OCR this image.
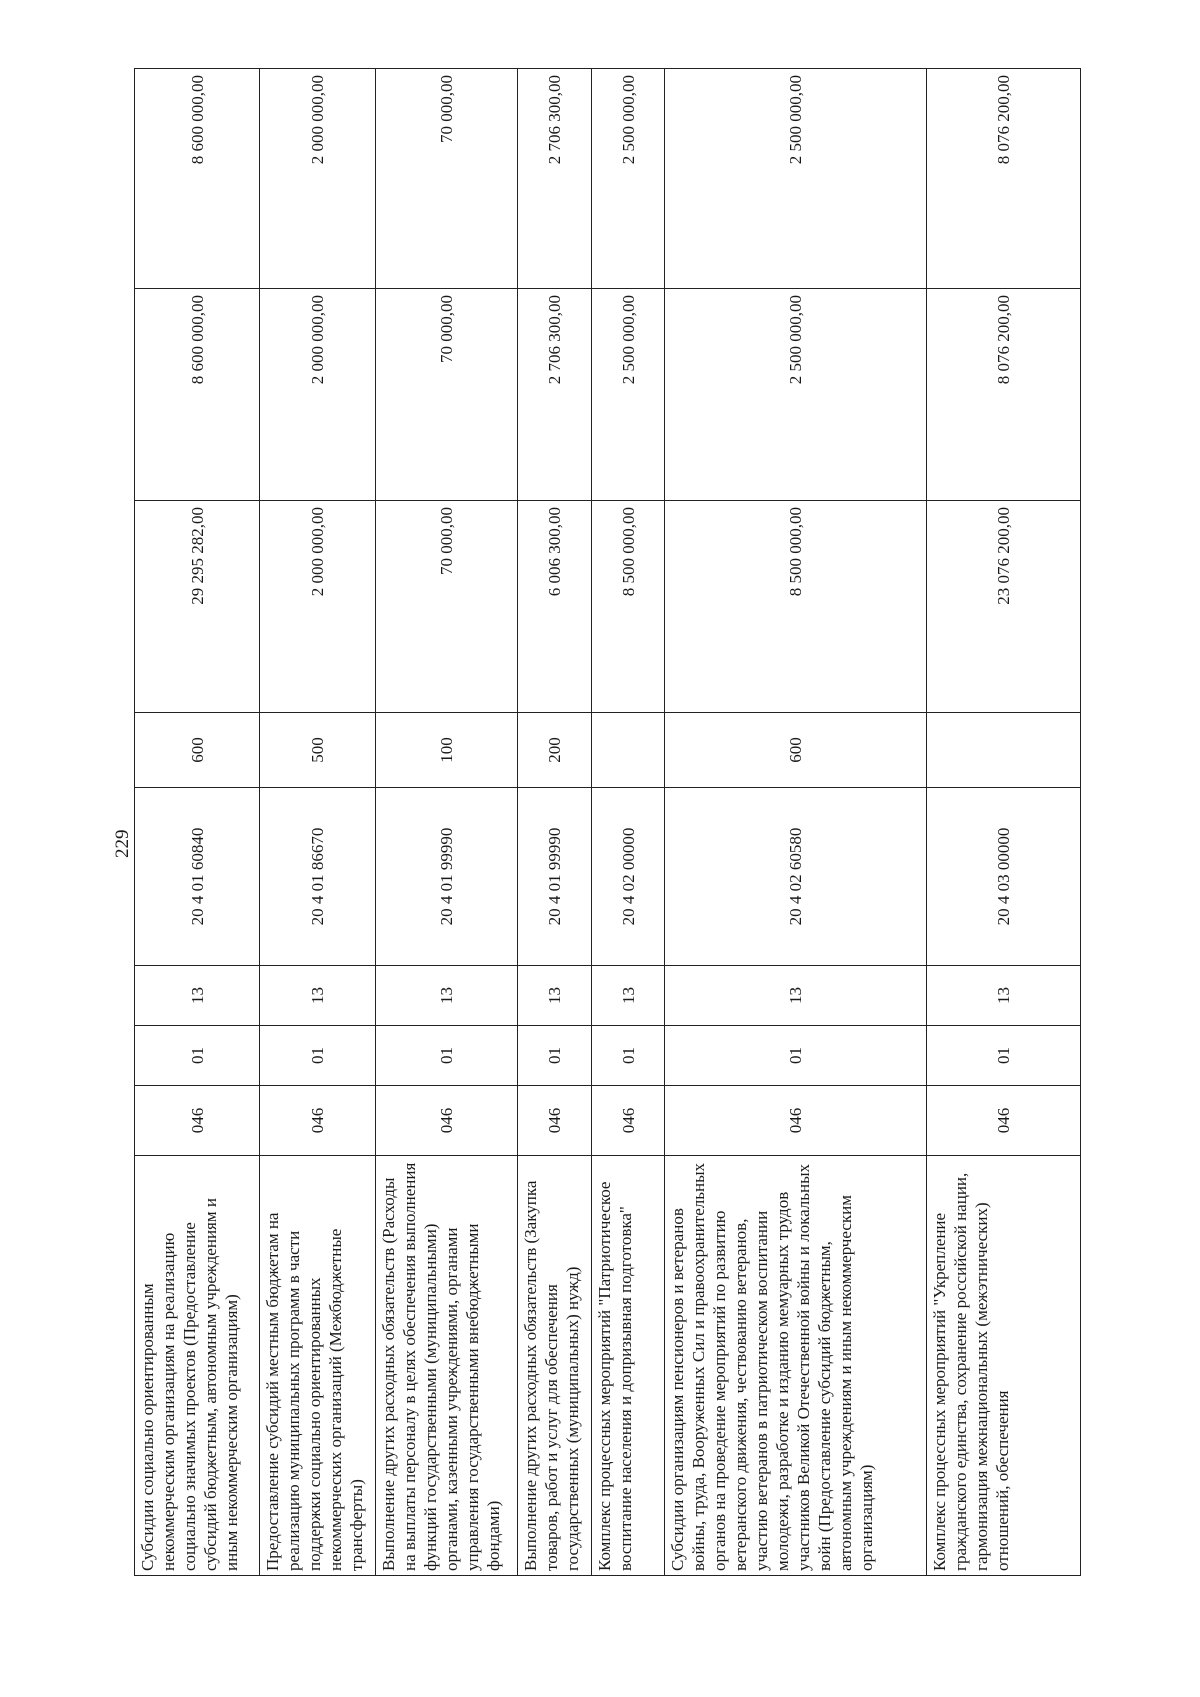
229
Субсидии социально ориентированным некоммерческим организациям на реализацию социально значимых проектов (Предоставление субсидий бюджетным, автономным учреждениям и иным некоммерческим организациям)	046	01	13	20 4 01 60840	600	29 295 282,00	8 600 000,00	8 600 000,00
Предоставление субсидий местным бюджетам на реализацию муниципальных программ в части поддержки социально ориентированных некоммерческих организаций (Межбюджетные трансферты)	046	01	13	20 4 01 86670	500	2 000 000,00	2 000 000,00	2 000 000,00
Выполнение других расходных обязательств (Расходы на выплаты персоналу в целях обеспечения выполнения функций государственными (муниципальными) органами, казенными учреждениями, органами управления государственными внебюджетными фондами)	046	01	13	20 4 01 99990	100	70 000,00	70 000,00	70 000,00
Выполнение других расходных обязательств (Закупка товаров, работ и услуг для обеспечения государственных (муниципальных) нужд)	046	01	13	20 4 01 99990	200	6 006 300,00	2 706 300,00	2 706 300,00
Комплекс процессных мероприятий "Патриотическое воспитание населения и допризывная подготовка"	046	01	13	20 4 02 00000		8 500 000,00	2 500 000,00	2 500 000,00
Субсидии организациям пенсионеров и ветеранов войны, труда, Вооруженных Сил и правоохранительных органов на проведение мероприятий по развитию ветеранского движения, чествованию ветеранов, участию ветеранов в патриотическом воспитании молодежи, разработке и изданию мемуарных трудов участников Великой Отечественной войны и локальных войн (Предоставление субсидий бюджетным, автономным учреждениям и иным некоммерческим организациям)	046	01	13	20 4 02 60580	600	8 500 000,00	2 500 000,00	2 500 000,00
Комплекс процессных мероприятий "Укрепление гражданского единства, сохранение российской нации, гармонизация межнациональных (межэтнических) отношений, обеспечения	046	01	13	20 4 03 00000		23 076 200,00	8 076 200,00	8 076 200,00
